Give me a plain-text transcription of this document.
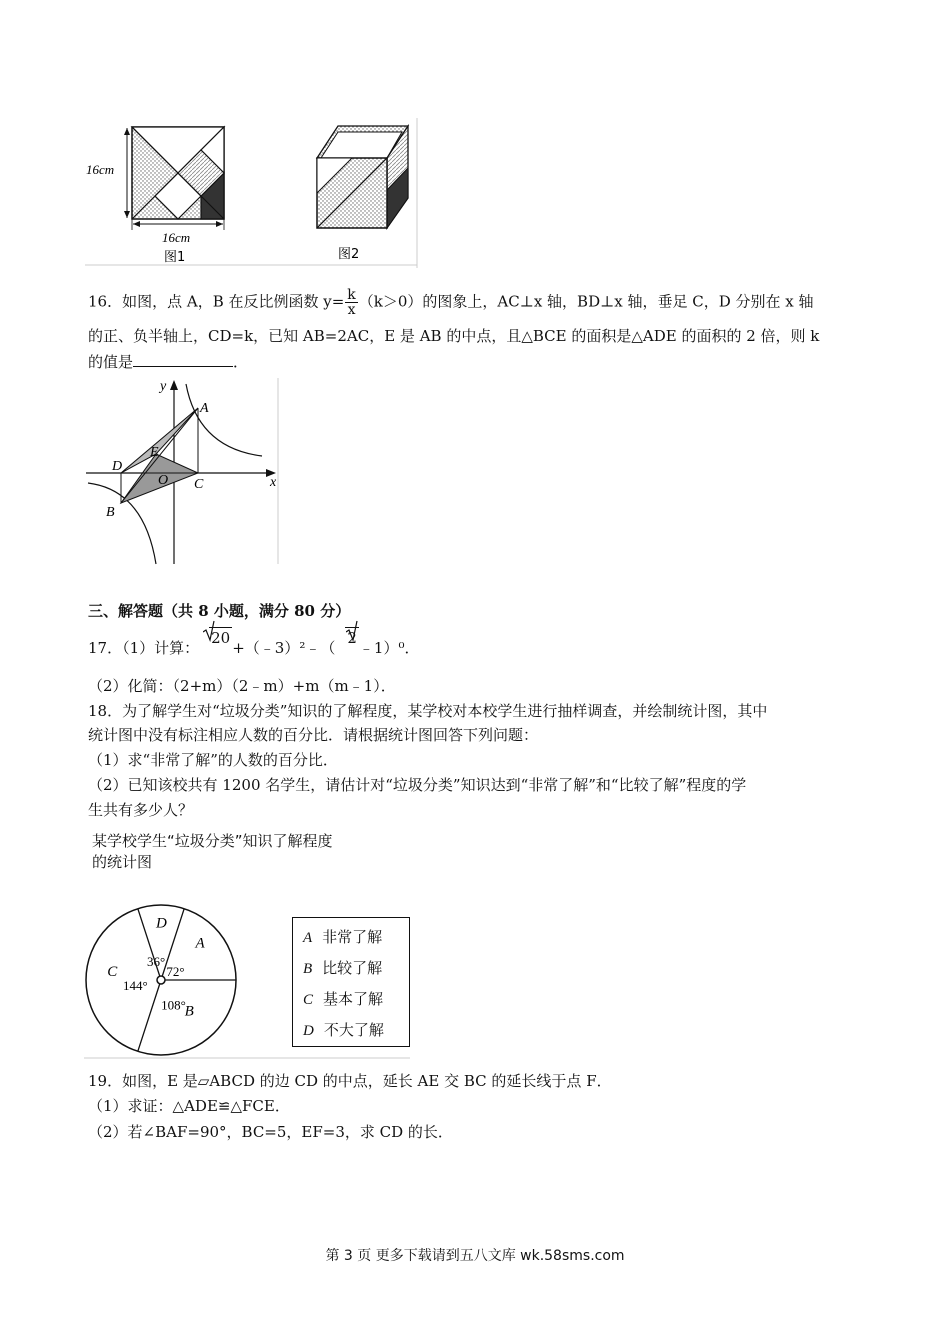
16cm
16cm
图1	图2
16．如图，点 A，B 在反比例函数 $y= \frac{k}{x} (k>0)$的图象上，AC⊥x 轴，BD⊥x 轴，垂足 C，D 分别在 x 轴
的正、负半轴上，CD=k，已知 AB=2AC，E 是 AB 的中点，且△BCE 的面积是△ADE 的面积的 2 倍，则 k
的值是	．
y
x
A
B
C
D
E
O
三、解答题（共 8 小题，满分 80 分）
17．（1）计算：20+（﹣3）²﹣（2﹣1）⁰．
（2）化简：（2+m）（2﹣m）+m（m﹣1）．
18．为了解学生对“垃圾分类”知识的了解程度，某学校对本校学生进行抽样调查，并绘制统计图，其中
统计图中没有标注相应人数的百分比．请根据统计图回答下列问题：
（1）求“非常了解”的人数的百分比．
（2）已知该校共有 1200 名学生，请估计对“垃圾分类”知识达到“非常了解”和“比较了解”程度的学
生共有多少人？
某学校学生“垃圾分类”知识了解程度
的统计图
A
72°
D
36°
C
144°
B
108°
A 非常了解
B 比较了解
C 基本了解
D 不大了解
19．如图，E 是▱ABCD 的边 CD 的中点，延长 AE 交 BC 的延长线于点 F．
（1）求证：△ADE≌△FCE．
（2）若∠BAF=90°，BC=5，EF=3，求 CD 的长．
第 3 页 更多下载请到五八文库 wk.58sms.com
